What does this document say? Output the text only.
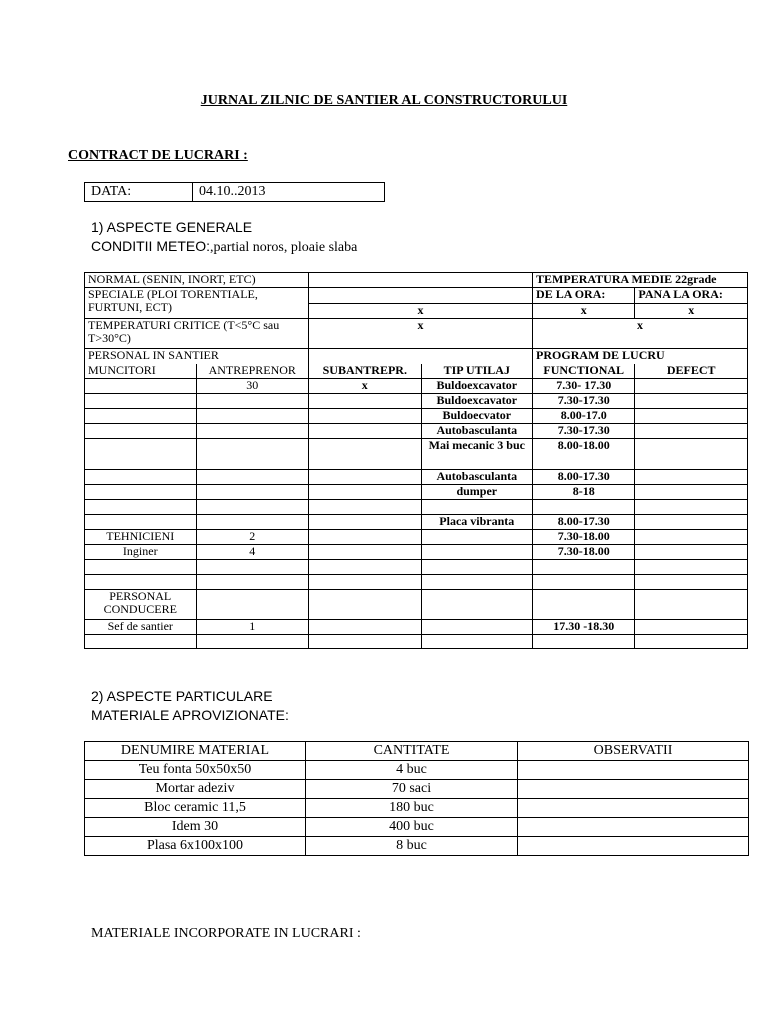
JURNAL ZILNIC DE SANTIER AL CONSTRUCTORULUI
CONTRACT DE LUCRARI :
DATA:	04.10..2013
1) ASPECTE GENERALE
CONDITII METEO:,partial noros, ploaie slaba
NORMAL (SENIN, INORT, ETC)				TEMPERATURA MEDIE 22grade	
SPECIALE (PLOI TORENTIALE, FURTUNI, ECT)				DE LA ORA:	PANA LA ORA:
		x		x	x
TEMPERATURI CRITICE (T<5°C sau T>30°C)		x		x	
PERSONAL IN SANTIER				PROGRAM DE LUCRU	
MUNCITORI	ANTREPRENOR	SUBANTREPR.	TIP UTILAJ	FUNCTIONAL	DEFECT
	30	x	Buldoexcavator	7.30- 17.30	
			Buldoexcavator	7.30-17.30	
			Buldoecvator	8.00-17.0	
			Autobasculanta	7.30-17.30	
			Mai mecanic 3 buc	8.00-18.00	
			Autobasculanta	8.00-17.30	
			dumper	8-18	

			Placa vibranta	8.00-17.30	
TEHNICIENI	2			7.30-18.00	
Inginer	4			7.30-18.00	

PERSONAL CONDUCERE					
Sef de santier	1			17.30 -18.30	

2) ASPECTE PARTICULARE
MATERIALE APROVIZIONATE:
DENUMIRE MATERIAL	CANTITATE	OBSERVATII
Teu fonta 50x50x50	4 buc	
Mortar adeziv	70 saci	
Bloc ceramic 11,5	180 buc	
Idem 30	400 buc	
Plasa 6x100x100	8 buc	
MATERIALE INCORPORATE IN LUCRARI :
